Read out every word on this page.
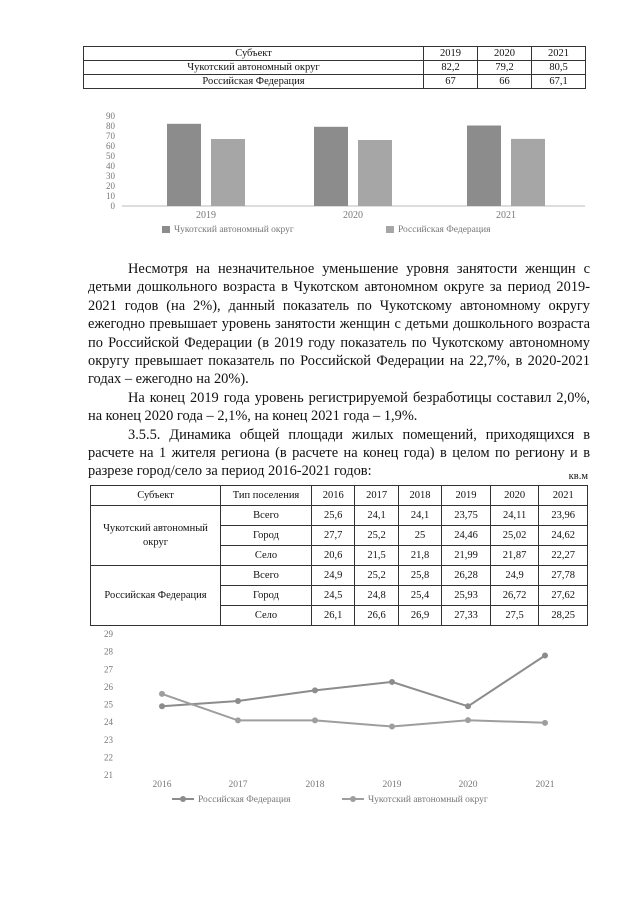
Субъект	2019	2020	2021
Чукотский автономный округ	82,2	79,2	80,5
Российская Федерация	67	66	67,1
0
10
20
30
40
50
60
70
80
90
2019	2020	2021
Чукотский автономный округ	Российская Федерация

Несмотря на незначительное уменьшение уровня занятости женщин с детьми дошкольного возраста в Чукотском автономном округе за период 2019-2021 годов (на 2%), данный показатель по Чукотскому автономному округу ежегодно превышает уровень занятости женщин с детьми дошкольного возраста по Российской Федерации (в 2019 году показатель по Чукотскому автономному округу превышает показатель по Российской Федерации на 22,7%, в 2020-2021 годах – ежегодно на 20%).

На конец 2019 года уровень регистрируемой безработицы составил 2,0%, на конец 2020 года – 2,1%, на конец 2021 года – 1,9%.

3.5.5. Динамика общей площади жилых помещений, приходящихся в расчете на 1 жителя региона (в расчете на конец года) в целом по региону и в разрезе город/село за период 2016-2021 годов:	кв.м
Субъект	Тип поселения	2016	2017	2018	2019	2020	2021
Чукотский автономный округ	Всего	25,6	24,1	24,1	23,75	24,11	23,96
	Город	27,7	25,2	25	24,46	25,02	24,62
	Село	20,6	21,5	21,8	21,99	21,87	22,27
Российская Федерация	Всего	24,9	25,2	25,8	26,28	24,9	27,78
	Город	24,5	24,8	25,4	25,93	26,72	27,62
	Село	26,1	26,6	26,9	27,33	27,5	28,25
21
22
23
24
25
26
27
28
29
2016	2017	2018	2019	2020	2021
Российская Федерация	Чукотский автономный округ
